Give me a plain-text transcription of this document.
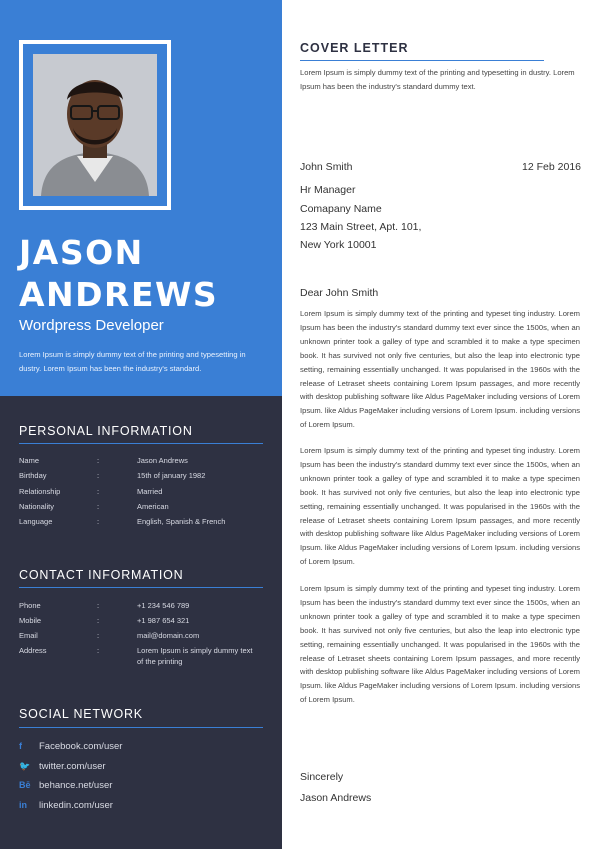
JASON
ANDREWS
Wordpress Developer
Lorem Ipsum is simply dummy text of the printing and typesetting in dustry. Lorem Ipsum has been the industry's standard.
PERSONAL INFORMATION
Name	:	Jason Andrews
Birthday	:	15th of january 1982
Relationship	:	Married
Nationality	:	American
Language	:	English, Spanish & French
CONTACT INFORMATION
Phone	:	+1 234 546 789
Mobile	:	+1 987 654 321
Email	:	mail@domain.com
Address	:	Lorem Ipsum is simply dummy text of the printing
SOCIAL NETWORK
f	Facebook.com/user
🐦 twitter.com/user
Bē behance.net/user
in	linkedin.com/user
COVER LETTER
Lorem Ipsum is simply dummy text of the printing and typesetting in dustry. Lorem Ipsum has been the industry's standard dummy text.
John Smith	12 Feb 2016
Hr Manager
Comapany Name
123 Main Street, Apt. 101,
New York 10001
Dear John Smith
Lorem Ipsum is simply dummy text of the printing and typeset ting industry. Lorem Ipsum has been the industry's standard dummy text ever since the 1500s, when an unknown printer took a galley of type and scrambled it to make a type specimen book. It has survived not only five centuries, but also the leap into electronic type setting, remaining essentially unchanged. It was popularised in the 1960s with the release of Letraset sheets containing Lorem Ipsum passages, and more recently with desktop publishing software like Aldus PageMaker including versions of Lorem Ipsum. like Aldus PageMaker including versions of Lorem Ipsum. including versions of Lorem Ipsum.
Lorem Ipsum is simply dummy text of the printing and typeset ting industry. Lorem Ipsum has been the industry's standard dummy text ever since the 1500s, when an unknown printer took a galley of type and scrambled it to make a type specimen book. It has survived not only five centuries, but also the leap into electronic type setting, remaining essentially unchanged. It was popularised in the 1960s with the release of Letraset sheets containing Lorem Ipsum passages, and more recently with desktop publishing software like Aldus PageMaker including versions of Lorem Ipsum. like Aldus PageMaker including versions of Lorem Ipsum. including versions of Lorem Ipsum.
Lorem Ipsum is simply dummy text of the printing and typeset ting industry. Lorem Ipsum has been the industry's standard dummy text ever since the 1500s, when an unknown printer took a galley of type and scrambled it to make a type specimen book. It has survived not only five centuries, but also the leap into electronic type setting, remaining essentially unchanged. It was popularised in the 1960s with the release of Letraset sheets containing Lorem Ipsum passages, and more recently with desktop publishing software like Aldus PageMaker including versions of Lorem Ipsum. like Aldus PageMaker including versions of Lorem Ipsum. including versions of Lorem Ipsum.
Sincerely
Jason Andrews
